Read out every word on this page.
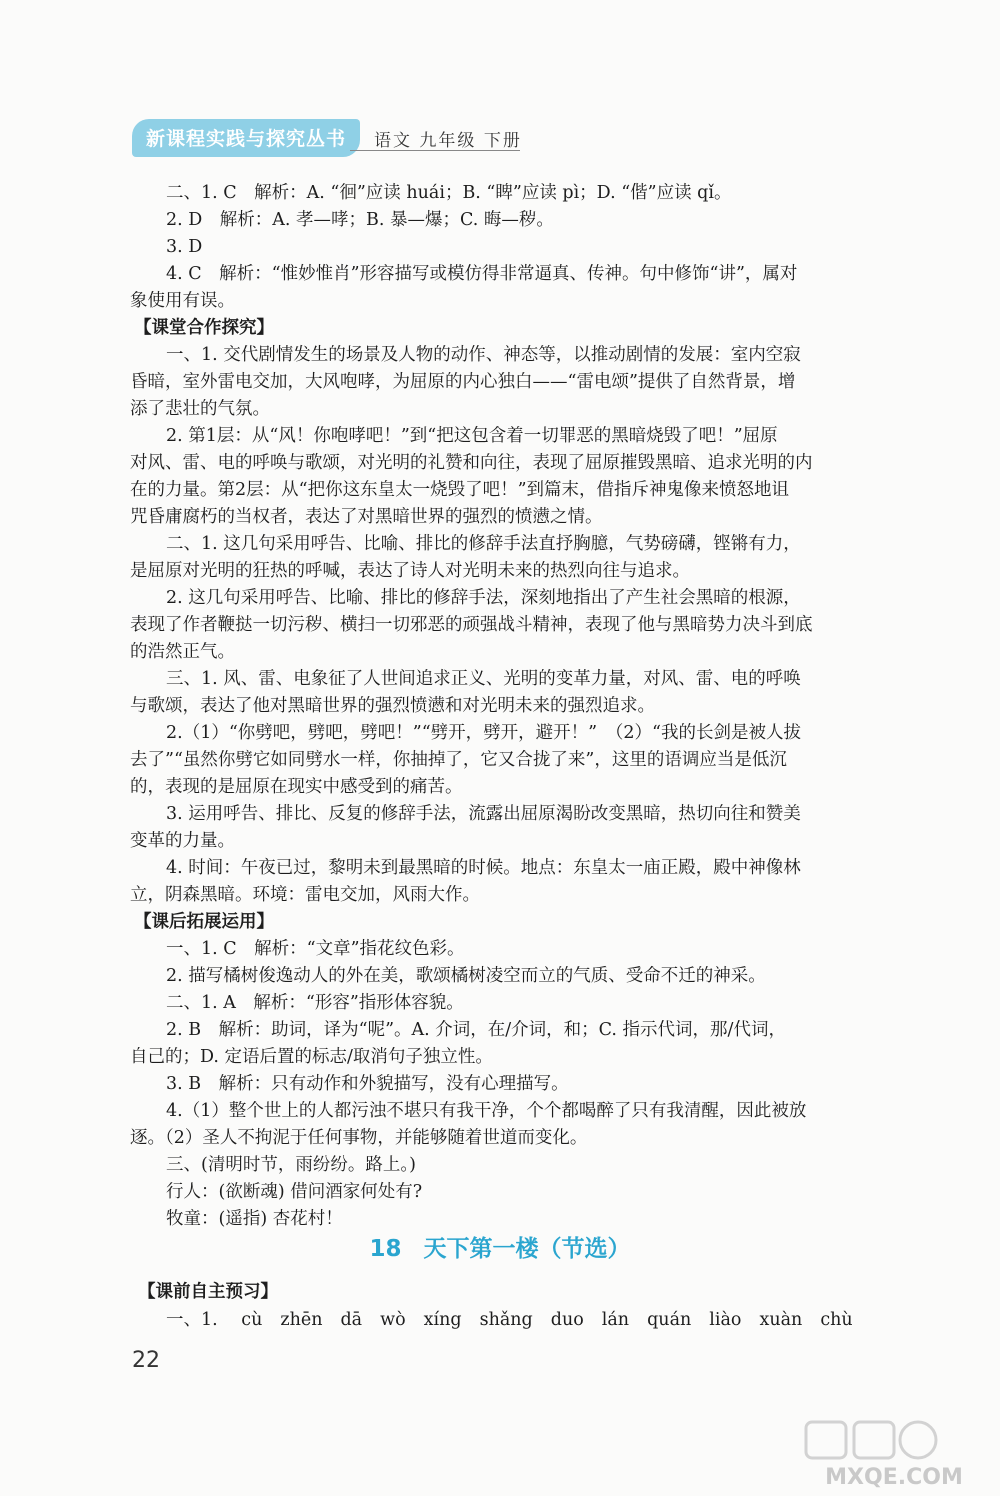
新课程实践与探究丛书	语文 九年级 下册
二、1. C　解析：A. “徊”应读 huái；B. “睥”应读 pì；D. “偕”应读 qǐ。
2. D　解析：A. 孝—哮；B. 暴—爆；C. 晦—秽。
3. D
4. C　解析：“惟妙惟肖”形容描写或模仿得非常逼真、传神。句中修饰“讲”，属对
象使用有误。
【课堂合作探究】
一、1. 交代剧情发生的场景及人物的动作、神态等，以推动剧情的发展：室内空寂
昏暗，室外雷电交加，大风咆哮，为屈原的内心独白——“雷电颂”提供了自然背景，增
添了悲壮的气氛。
2. 第1层：从“风！你咆哮吧！”到“把这包含着一切罪恶的黑暗烧毁了吧！”屈原
对风、雷、电的呼唤与歌颂，对光明的礼赞和向往，表现了屈原摧毁黑暗、追求光明的内
在的力量。第2层：从“把你这东皇太一烧毁了吧！”到篇末，借指斥神鬼像来愤怒地诅
咒昏庸腐朽的当权者，表达了对黑暗世界的强烈的愤懑之情。
二、1. 这几句采用呼告、比喻、排比的修辞手法直抒胸臆，气势磅礴，铿锵有力，
是屈原对光明的狂热的呼喊，表达了诗人对光明未来的热烈向往与追求。
2. 这几句采用呼告、比喻、排比的修辞手法，深刻地指出了产生社会黑暗的根源，
表现了作者鞭挞一切污秽、横扫一切邪恶的顽强战斗精神，表现了他与黑暗势力决斗到底
的浩然正气。
三、1. 风、雷、电象征了人世间追求正义、光明的变革力量，对风、雷、电的呼唤
与歌颂，表达了他对黑暗世界的强烈愤懑和对光明未来的强烈追求。
2.（1）“你劈吧，劈吧，劈吧！”“劈开，劈开，避开！”　（2）“我的长剑是被人拔
去了”“虽然你劈它如同劈水一样，你抽掉了，它又合拢了来”，这里的语调应当是低沉
的，表现的是屈原在现实中感受到的痛苦。
3. 运用呼告、排比、反复的修辞手法，流露出屈原渴盼改变黑暗，热切向往和赞美
变革的力量。
4. 时间：午夜已过，黎明未到最黑暗的时候。地点：东皇太一庙正殿，殿中神像林
立，阴森黑暗。环境：雷电交加，风雨大作。
【课后拓展运用】
一、1. C　解析：“文章”指花纹色彩。
2. 描写橘树俊逸动人的外在美，歌颂橘树凌空而立的气质、受命不迁的神采。
二、1. A　解析：“形容”指形体容貌。
2. B　解析：助词，译为“呢”。A. 介词，在/介词，和；C. 指示代词，那/代词，
自己的；D. 定语后置的标志/取消句子独立性。
3. B　解析：只有动作和外貌描写，没有心理描写。
4.（1）整个世上的人都污浊不堪只有我干净，个个都喝醉了只有我清醒，因此被放
逐。（2）圣人不拘泥于任何事物，并能够随着世道而变化。
三、(清明时节，雨纷纷。路上。)
行人：(欲断魂) 借问酒家何处有?
牧童：(遥指) 杏花村！
18 天下第一楼（节选）
【课前自主预习】
一、1. cù zhēn dā wò xíng shǎng duo lán quán liào xuàn chù
22
MXQE.COM
